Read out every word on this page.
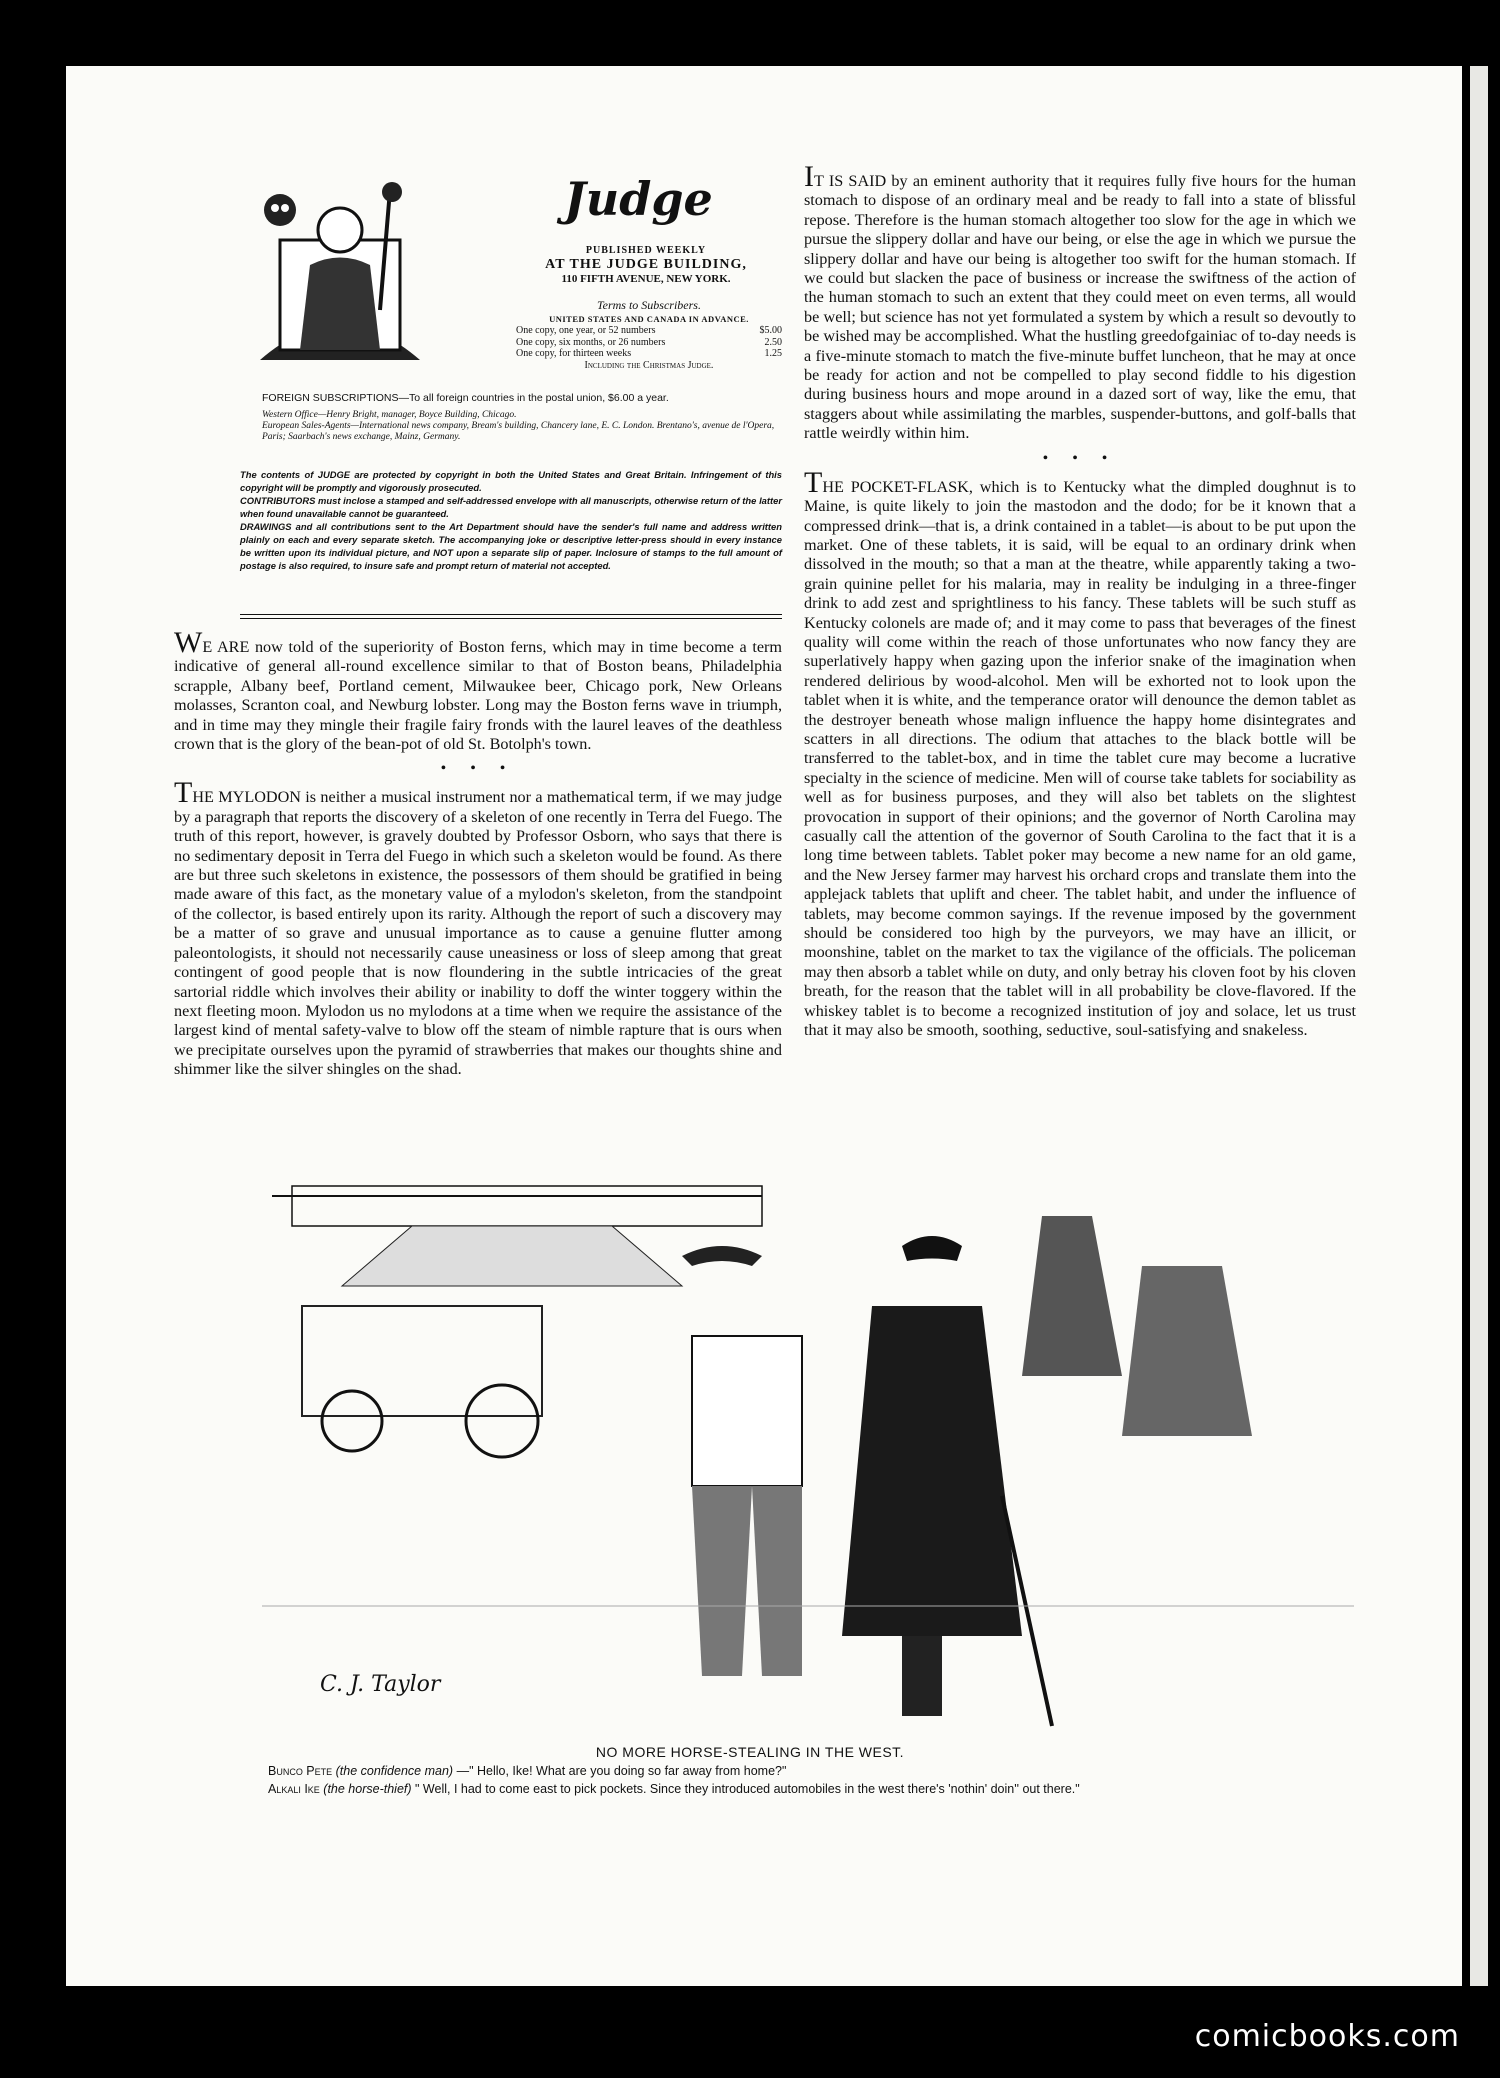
Judge
PUBLISHED WEEKLY
AT THE JUDGE BUILDING,
110 FIFTH AVENUE, NEW YORK.
Terms to Subscribers.
UNITED STATES AND CANADA IN ADVANCE.
One copy, one year, or 52 numbers	$5.00
One copy, six months, or 26 numbers	2.50
One copy, for thirteen weeks	1.25
Including the Christmas Judge.
FOREIGN SUBSCRIPTIONS—To all foreign countries in the postal union, $6.00 a year.
Western Office—Henry Bright, manager, Boyce Building, Chicago.
European Sales-Agents—International news company, Bream's building, Chancery lane, E. C. London. Brentano's, avenue de l'Opera, Paris; Saarbach's news exchange, Mainz, Germany.
The contents of JUDGE are protected by copyright in both the United States and Great Britain. Infringement of this copyright will be promptly and vigorously prosecuted.
CONTRIBUTORS must inclose a stamped and self-addressed envelope with all manuscripts, otherwise return of the latter when found unavailable cannot be guaranteed.
DRAWINGS and all contributions sent to the Art Department should have the sender's full name and address written plainly on each and every separate sketch. The accompanying joke or descriptive letter-press should in every instance be written upon its individual picture, and NOT upon a separate slip of paper. Inclosure of stamps to the full amount of postage is also required, to insure safe and prompt return of material not accepted.

WE ARE now told of the superiority of Boston ferns, which may in time become a term indicative of general all-round excellence similar to that of Boston beans, Philadelphia scrapple, Albany beef, Portland cement, Milwaukee beer, Chicago pork, New Orleans molasses, Scranton coal, and Newburg lobster. Long may the Boston ferns wave in triumph, and in time may they mingle their fragile fairy fronds with the laurel leaves of the deathless crown that is the glory of the bean-pot of old St. Botolph's town.

• • •

THE MYLODON is neither a musical instrument nor a mathematical term, if we may judge by a paragraph that reports the discovery of a skeleton of one recently in Terra del Fuego. The truth of this report, however, is gravely doubted by Professor Osborn, who says that there is no sedimentary deposit in Terra del Fuego in which such a skeleton would be found. As there are but three such skeletons in existence, the possessors of them should be gratified in being made aware of this fact, as the monetary value of a mylodon's skeleton, from the standpoint of the collector, is based entirely upon its rarity. Although the report of such a discovery may be a matter of so grave and unusual importance as to cause a genuine flutter among paleontologists, it should not necessarily cause uneasiness or loss of sleep among that great contingent of good people that is now floundering in the subtle intricacies of the great sartorial riddle which involves their ability or inability to doff the winter toggery within the next fleeting moon. Mylodon us no mylodons at a time when we require the assistance of the largest kind of mental safety-valve to blow off the steam of nimble rapture that is ours when we precipitate ourselves upon the pyramid of strawberries that makes our thoughts shine and shimmer like the silver shingles on the shad.

IT IS SAID by an eminent authority that it requires fully five hours for the human stomach to dispose of an ordinary meal and be ready to fall into a state of blissful repose. Therefore is the human stomach altogether too slow for the age in which we pursue the slippery dollar and have our being, or else the age in which we pursue the slippery dollar and have our being is altogether too swift for the human stomach. If we could but slacken the pace of business or increase the swiftness of the action of the human stomach to such an extent that they could meet on even terms, all would be well; but science has not yet formulated a system by which a result so devoutly to be wished may be accomplished. What the hustling greedofgainiac of to-day needs is a five-minute stomach to match the five-minute buffet luncheon, that he may at once be ready for action and not be compelled to play second fiddle to his digestion during business hours and mope around in a dazed sort of way, like the emu, that staggers about while assimilating the marbles, suspender-buttons, and golf-balls that rattle weirdly within him.

• • •

THE POCKET-FLASK, which is to Kentucky what the dimpled doughnut is to Maine, is quite likely to join the mastodon and the dodo; for be it known that a compressed drink—that is, a drink contained in a tablet—is about to be put upon the market. One of these tablets, it is said, will be equal to an ordinary drink when dissolved in the mouth; so that a man at the theatre, while apparently taking a two-grain quinine pellet for his malaria, may in reality be indulging in a three-finger drink to add zest and sprightliness to his fancy. These tablets will be such stuff as Kentucky colonels are made of; and it may come to pass that beverages of the finest quality will come within the reach of those unfortunates who now fancy they are superlatively happy when gazing upon the inferior snake of the imagination when rendered delirious by wood-alcohol. Men will be exhorted not to look upon the tablet when it is white, and the temperance orator will denounce the demon tablet as the destroyer beneath whose malign influence the happy home disintegrates and scatters in all directions. The odium that attaches to the black bottle will be transferred to the tablet-box, and in time the tablet cure may become a lucrative specialty in the science of medicine. Men will of course take tablets for sociability as well as for business purposes, and they will also bet tablets on the slightest provocation in support of their opinions; and the governor of North Carolina may casually call the attention of the governor of South Carolina to the fact that it is a long time between tablets. Tablet poker may become a new name for an old game, and the New Jersey farmer may harvest his orchard crops and translate them into the applejack tablets that uplift and cheer. The tablet habit, and under the influence of tablets, may become common sayings. If the revenue imposed by the government should be considered too high by the purveyors, we may have an illicit, or moonshine, tablet on the market to tax the vigilance of the officials. The policeman may then absorb a tablet while on duty, and only betray his cloven foot by his cloven breath, for the reason that the tablet will in all probability be clove-flavored. If the whiskey tablet is to become a recognized institution of joy and solace, let us trust that it may also be smooth, soothing, seductive, soul-satisfying and snakeless.

C. J. Taylor
NO MORE HORSE-STEALING IN THE WEST.
Bunco Pete (the confidence man) —" Hello, Ike! What are you doing so far away from home?"
Alkali Ike (the horse-thief) " Well, I had to come east to pick pockets. Since they introduced automobiles in the west there's 'nothin' doin'' out there."
comicbooks.com
